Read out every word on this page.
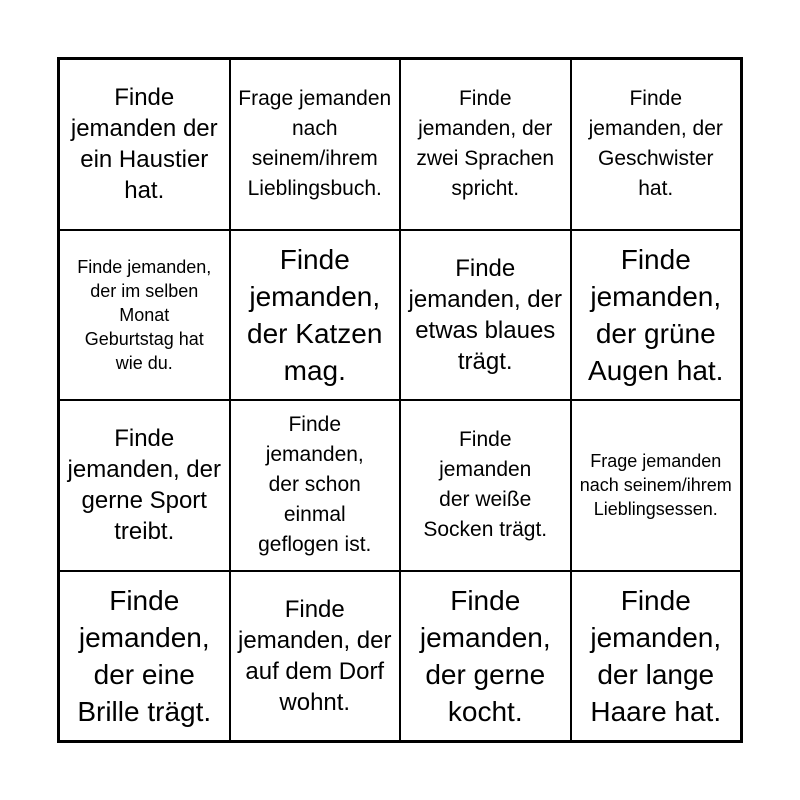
Finde jemanden der ein Haustier hat.
Frage jemanden nach seinem/ihrem Lieblingsbuch.
Finde jemanden, der zwei Sprachen spricht.
Finde jemanden, der Geschwister hat.
Finde jemanden, der im selben Monat Geburtstag hat wie du.
Finde jemanden, der Katzen mag.
Finde jemanden, der etwas blaues trägt.
Finde jemanden, der grüne Augen hat.
Finde jemanden, der gerne Sport treibt.
Finde jemanden, der schon einmal geflogen ist.
Finde jemanden der weiße Socken trägt.
Frage jemanden nach seinem/ihrem Lieblingsessen.
Finde jemanden, der eine Brille trägt.
Finde jemanden, der auf dem Dorf wohnt.
Finde jemanden, der gerne kocht.
Finde jemanden, der lange Haare hat.
